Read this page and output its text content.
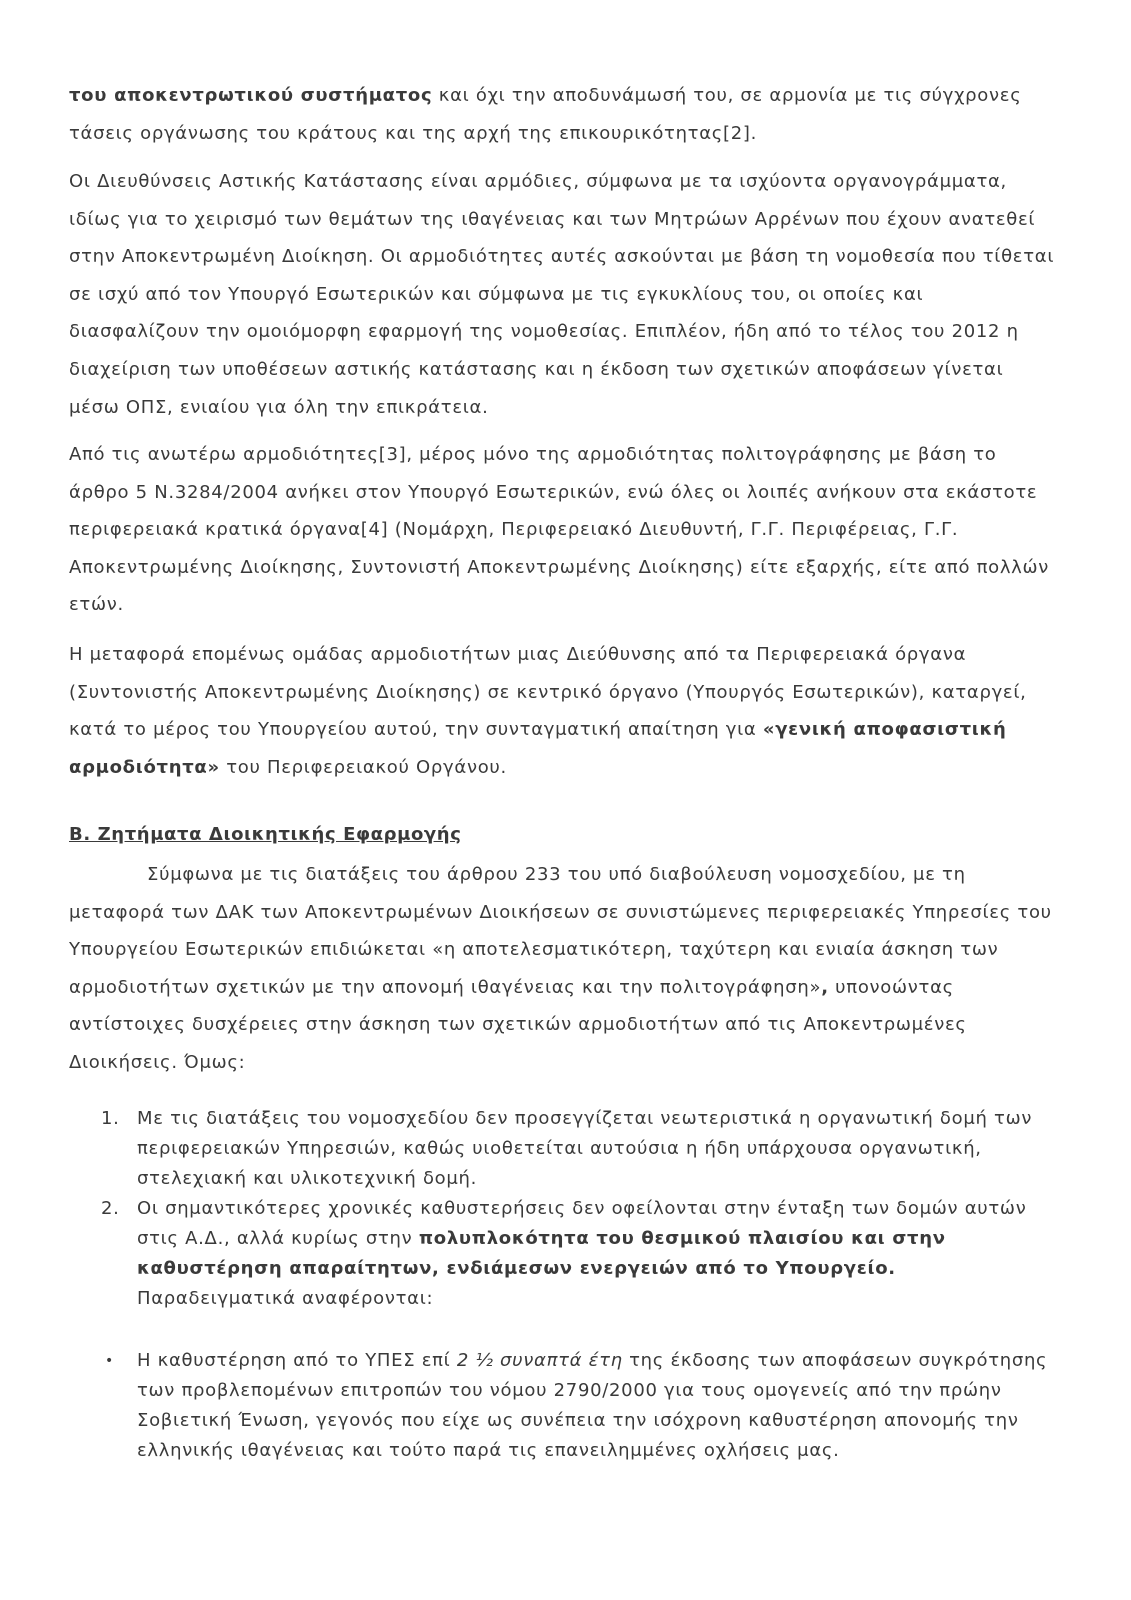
του αποκεντρωτικού συστήματος και όχι την αποδυνάμωσή του, σε αρμονία με τις σύγχρονες τάσεις οργάνωσης του κράτους και της αρχή της επικουρικότητας[2].

Οι Διευθύνσεις Αστικής Κατάστασης είναι αρμόδιες, σύμφωνα με τα ισχύοντα οργανογράμματα, ιδίως για το χειρισμό των θεμάτων της ιθαγένειας και των Μητρώων Αρρένων που έχουν ανατεθεί στην Αποκεντρωμένη Διοίκηση. Οι αρμοδιότητες αυτές ασκούνται με βάση τη νομοθεσία που τίθεται σε ισχύ από τον Υπουργό Εσωτερικών και σύμφωνα με τις εγκυκλίους του, οι οποίες και διασφαλίζουν την ομοιόμορφη εφαρμογή της νομοθεσίας. Επιπλέον, ήδη από το τέλος του 2012 η διαχείριση των υποθέσεων αστικής κατάστασης και η έκδοση των σχετικών αποφάσεων γίνεται μέσω ΟΠΣ, ενιαίου για όλη την επικράτεια.

Από τις ανωτέρω αρμοδιότητες[3], μέρος μόνο της αρμοδιότητας πολιτογράφησης με βάση το άρθρο 5 Ν.3284/2004 ανήκει στον Υπουργό Εσωτερικών, ενώ όλες οι λοιπές ανήκουν στα εκάστοτε περιφερειακά κρατικά όργανα[4] (Νομάρχη, Περιφερειακό Διευθυντή, Γ.Γ. Περιφέρειας, Γ.Γ. Αποκεντρωμένης Διοίκησης, Συντονιστή Αποκεντρωμένης Διοίκησης) είτε εξαρχής, είτε από πολλών ετών.

Η μεταφορά επομένως ομάδας αρμοδιοτήτων μιας Διεύθυνσης από τα Περιφερειακά όργανα (Συντονιστής Αποκεντρωμένης Διοίκησης) σε κεντρικό όργανο (Υπουργός Εσωτερικών), καταργεί, κατά το μέρος του Υπουργείου αυτού, την συνταγματική απαίτηση για «γενική αποφασιστική αρμοδιότητα» του Περιφερειακού Οργάνου.

Β. Ζητήματα Διοικητικής Εφαρμογής

Σύμφωνα με τις διατάξεις του άρθρου 233 του υπό διαβούλευση νομοσχεδίου, με τη μεταφορά των ΔΑΚ των Αποκεντρωμένων Διοικήσεων σε συνιστώμενες περιφερειακές Υπηρεσίες του Υπουργείου Εσωτερικών επιδιώκεται «η αποτελεσματικότερη, ταχύτερη και ενιαία άσκηση των αρμοδιοτήτων σχετικών με την απονομή ιθαγένειας και την πολιτογράφηση», υπονοώντας αντίστοιχες δυσχέρειες στην άσκηση των σχετικών αρμοδιοτήτων από τις Αποκεντρωμένες Διοικήσεις. Όμως:

1. Με τις διατάξεις του νομοσχεδίου δεν προσεγγίζεται νεωτεριστικά η οργανωτική δομή των περιφερειακών Υπηρεσιών, καθώς υιοθετείται αυτούσια η ήδη υπάρχουσα οργανωτική, στελεχιακή και υλικοτεχνική δομή.
2. Οι σημαντικότερες χρονικές καθυστερήσεις δεν οφείλονται στην ένταξη των δομών αυτών στις Α.Δ., αλλά κυρίως στην πολυπλοκότητα του θεσμικού πλαισίου και στην καθυστέρηση απαραίτητων, ενδιάμεσων ενεργειών από το Υπουργείο. Παραδειγματικά αναφέρονται:
• Η καθυστέρηση από το ΥΠΕΣ επί 2 ½ συναπτά έτη της έκδοσης των αποφάσεων συγκρότησης των προβλεπομένων επιτροπών του νόμου 2790/2000 για τους ομογενείς από την πρώην Σοβιετική Ένωση, γεγονός που είχε ως συνέπεια την ισόχρονη καθυστέρηση απονομής την ελληνικής ιθαγένειας και τούτο παρά τις επανειλημμένες οχλήσεις μας.
